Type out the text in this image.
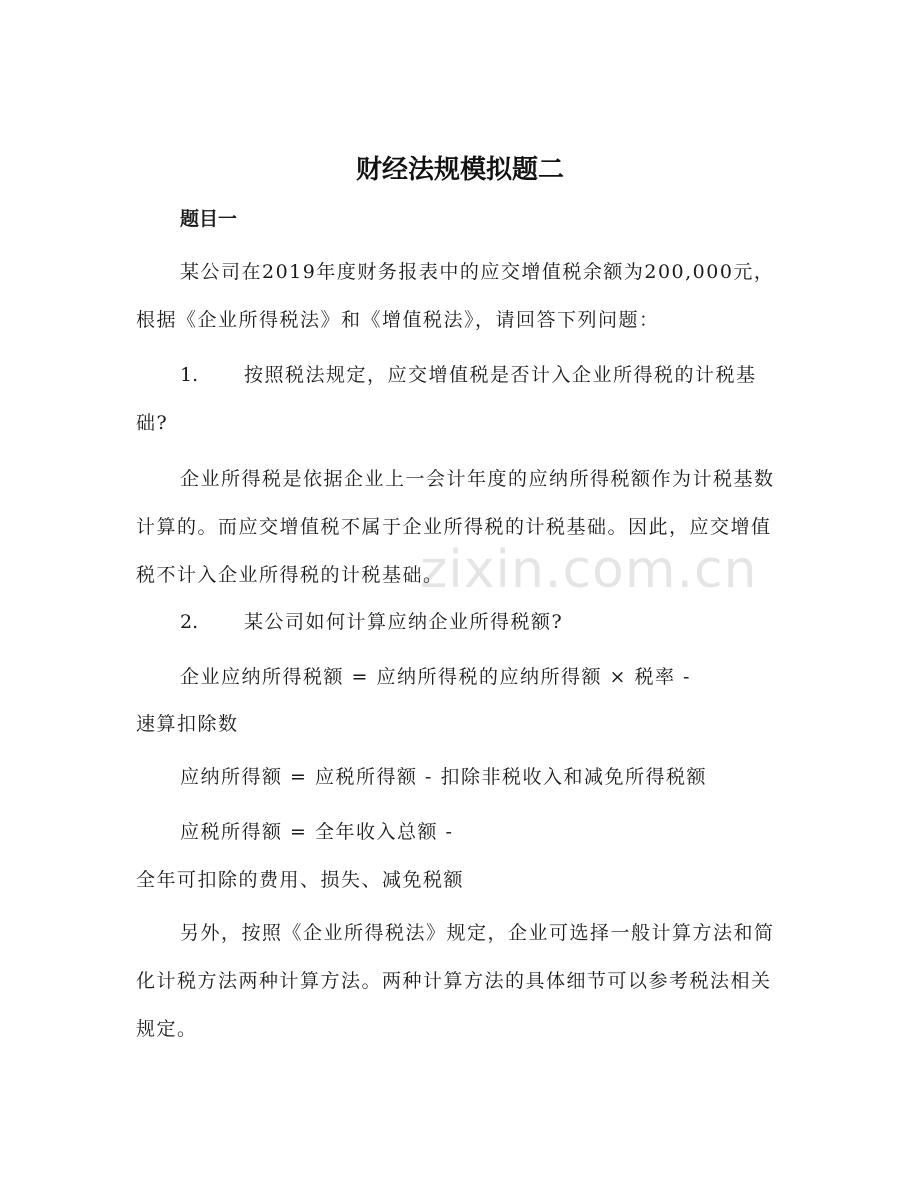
财经法规模拟题二
题目一

某公司在2019年度财务报表中的应交增值税余额为200,000元，根据《企业所得税法》和《增值税法》，请回答下列问题：

1. 按照税法规定，应交增值税是否计入企业所得税的计税基础?

企业所得税是依据企业上一会计年度的应纳所得税额作为计税基数计算的。而应交增值税不属于企业所得税的计税基础。因此，应交增值税不计入企业所得税的计税基础。

2. 某公司如何计算应纳企业所得税额?

企业应纳所得税额 = 应纳所得税的应纳所得额 × 税率 -

速算扣除数

应纳所得额 = 应税所得额 - 扣除非税收入和减免所得税额

应税所得额 = 全年收入总额 -

全年可扣除的费用、损失、减免税额

另外，按照《企业所得税法》规定，企业可选择一般计算方法和简化计税方法两种计算方法。两种计算方法的具体细节可以参考税法相关规定。

zixin.com.cn
